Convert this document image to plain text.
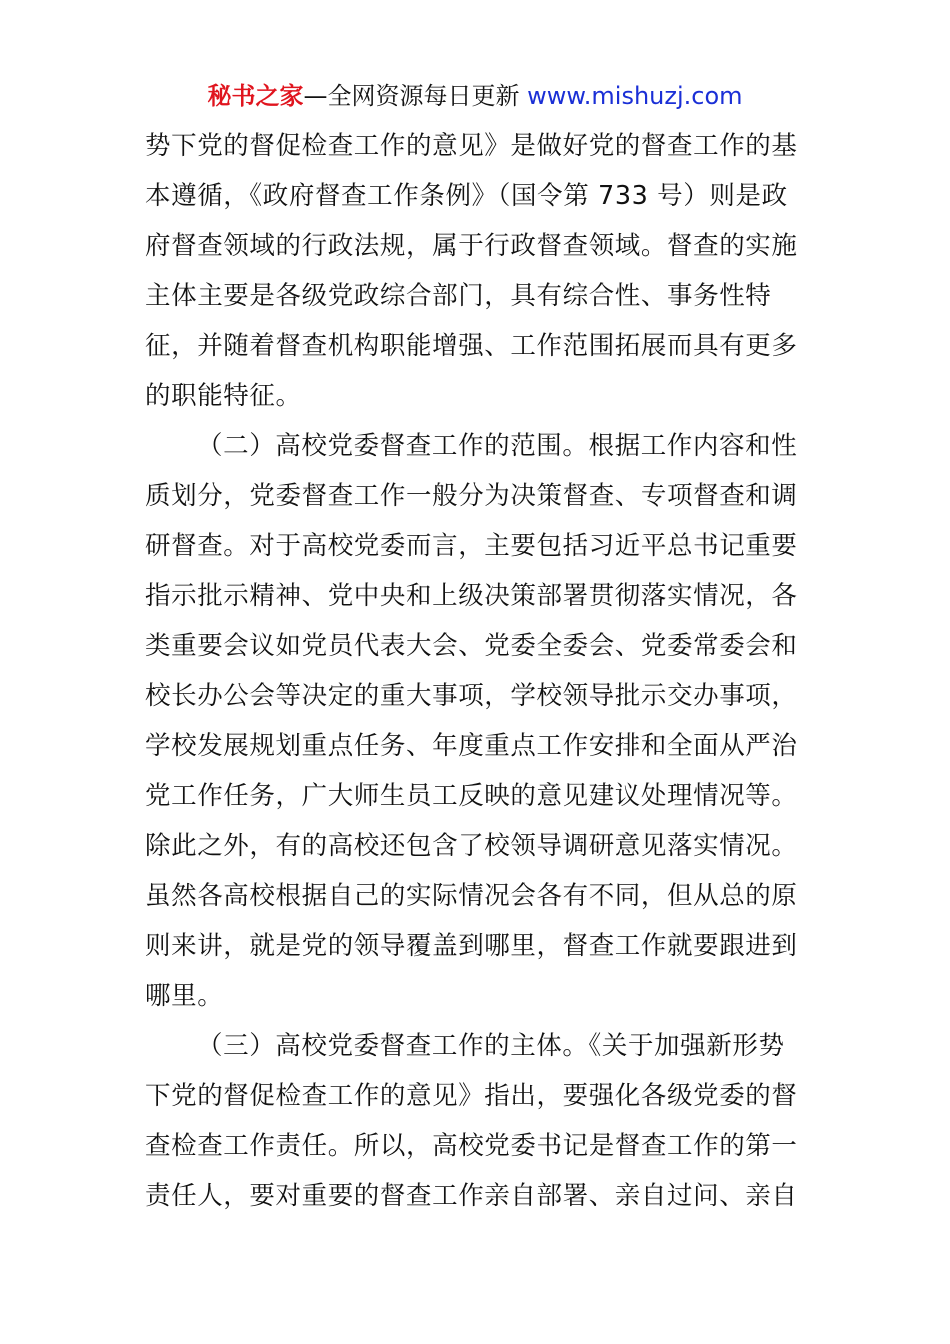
秘书之家—全网资源每日更新 www.mishuzj.com
势下党的督促检查工作的意见》是做好党的督查工作的基
本遵循，《政府督查工作条例》（国令第 733 号）则是政
府督查领域的行政法规，属于行政督查领域。督查的实施
主体主要是各级党政综合部门，具有综合性、事务性特
征，并随着督查机构职能增强、工作范围拓展而具有更多
的职能特征。
（二）高校党委督查工作的范围。根据工作内容和性
质划分，党委督查工作一般分为决策督查、专项督查和调
研督查。对于高校党委而言，主要包括习近平总书记重要
指示批示精神、党中央和上级决策部署贯彻落实情况，各
类重要会议如党员代表大会、党委全委会、党委常委会和
校长办公会等决定的重大事项，学校领导批示交办事项，
学校发展规划重点任务、年度重点工作安排和全面从严治
党工作任务，广大师生员工反映的意见建议处理情况等。
除此之外，有的高校还包含了校领导调研意见落实情况。
虽然各高校根据自己的实际情况会各有不同，但从总的原
则来讲，就是党的领导覆盖到哪里，督查工作就要跟进到
哪里。
（三）高校党委督查工作的主体。《关于加强新形势
下党的督促检查工作的意见》指出，要强化各级党委的督
查检查工作责任。所以，高校党委书记是督查工作的第一
责任人，要对重要的督查工作亲自部署、亲自过问、亲自
